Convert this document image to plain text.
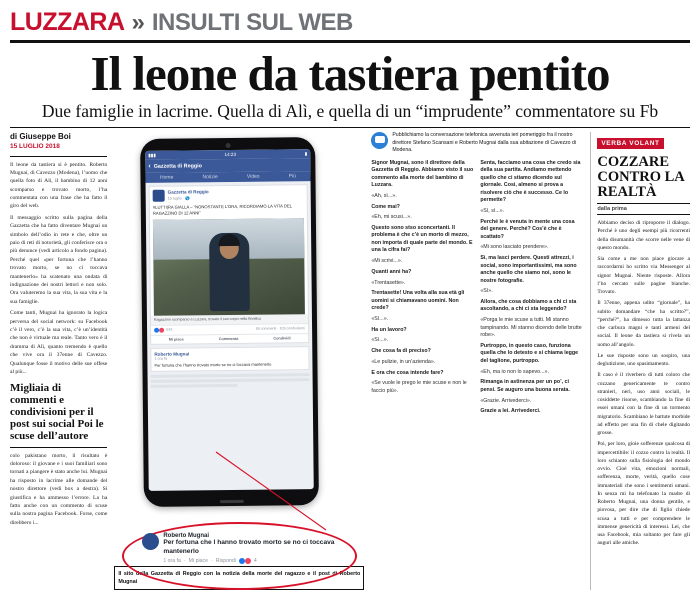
LUZZARA » INSULTI SUL WEB
Il leone da tastiera pentito
Due famiglie in lacrime. Quella di Alì, e quella di un “imprudente” commentatore su Fb
di Giuseppe Boi
15 LUGLIO 2018

Il leone da tastiera si è pentito. Roberto Mugnai, di Cavezzo (Modena), l’uomo che quella foto di Alì, il bambino di 12 anni scomparso e trovato morto, l’ha commentata con una frase che ha fatto il giro del web.

Il messaggio scritto sulla pagina della Gazzetta che ha fatto diventare Mugnai un simbolo dell’odio in rete e che, oltre un paio di reti di notorietà, gli conferisce ora o più denunce (vedi articolo a fondo pagina). Perché quel «per fortuna che l’hanno trovato morto, se no ci toccava mantenerlo» ha scatenato una ondata di indignazione dei nostri lettori e non solo. Ora valuteremo la sua vita, la sua vita e la sua famiglie.

Come tanti, Mugnai ha ignorato la logica perversa del social network: su Facebook c’è il vero, c’è la sua vita, c’è un’identità che non è virtuale ma reale. Tanto vero è il dramma di Alì, quanto tremendo è quello che vive ora il 37enne di Cavezzo. Qualunque fosse il motivo delle sue offese al più...

Migliaia di commenti e condivisioni per il post sui social Poi le scuse dell’autore

colo pakistano morto, il risultato è doloroso: il giovane e i suoi familiari sono tornati a piangere è stato anche lui. Mugnai ha risposto in lacrime alle domande del nostro direttore (vedi box a destra). Si giustifica e ha ammesso l’errore. La ha fatto anche con un commento di scuse sulla nostra pagina Facebook. Forse, come direbbero i...

▮▮▮	14:23	▮
‹ Gazzetta di Reggio
Home	Notizie	Video	Più
Gazzetta di Reggio
15 luglio · 🌎
#LUTTI|RA GIALLA – “NONOSTANTE L’ORA, RICORDIAMO LA VITA DEL RAGAZZINO DI 12 ANNI”
Ragazzino scomparso a Luzzara, trovato il suo corpo nella Bonifica
543	89 commenti · 103 condivisioni
Mi piace	Commenta	Condividi
Roberto Mugnai
1 ora fa
Per fortuna che l’hanno trovato morto se no ci toccava mantenerlo
Roberto Mugnai
Per fortuna che l hanno trovato morto se no ci toccava mantenerlo
1 ora fa · Mi piace · Rispondi	4
Il sito della Gazzetta di Reggio con la notizia della morte del ragazzo e il post di Roberto Mugnai
Pubblichiamo la conversazione telefonica avvenuta ieri pomeriggio fra il nostro direttore Stefano Scansani e Roberto Mugnai dalla sua abitazione di Cavezzo di Modena.

Signor Mugnai, sono il direttore della Gazzetta di Reggio. Abbiamo visto il suo commento alla morte del bambino di Luzzara.

«Ah, sì...».

Come mai?

«Eh, mi scusi...».

Questo sono stso sconcertanti. Il problema è che c’è un morto di mezzo, non importa di quale parte del mondo. E una la cifra fai?

«Mi scrivi...».

Quanti anni ha?

«Trentasette».

Trentasette! Una volta alla sua età gli uomini si chiamavano uomini. Non crede?

«Sì...».

Ha un lavoro?

«Sì...».

Che cosa fa di preciso?

«Le pulizie, in un’azienda».

E ora che cosa intende fare?

«Se vuole le prego le mie scuse e non le faccio più».

Senta, facciamo una cosa che credo sia della sua partita. Andiamo mettendo quello che ci stiamo dicendo sul giornale. Così, almeno si prova a risolvere ciò che è successo. Ce lo permette?

«Sì, sì...».

Perché le è venuta in mente una cosa del genere. Perché? Cos’è che è scattato?

«Mi sono lasciato prendere».

Sì, ma lasci perdere. Questi attrezzi, i social, sono importantissimi, ma sono anche quello che siamo noi, sono le nostre fotografie.

«Sì».

Allora, che cosa dobbiamo a chi ci sta ascoltando, a chi ci sta leggendo?

«Porga le mie scuse a tutti. Mi stanno tampinando. Mi stanno dicendo delle brutte robe».

Purtroppo, in questo caso, funziona quella che lo detesto e si chiama legge del taglione, purtroppo.

«Eh, ma io non lo sapevo...».

Rimanga in astinenza per un po’, ci pensi. Se auguro una buona serata.

«Grazie. Arrivederci».

Grazie a lei. Arrivederci.

VERBA VOLANT
COZZARE CONTRO LA REALTÀ
dalla prima

Abbiamo deciso di riproporre il dialogo. Perché è uno degli esempi più ricorrenti della disumanità che scorre nelle vene di questo mondo.

Sia come a me non piace giocare a raccordarmi ho scritto via Messenger al signor Mugnai. Niente risposte. Allora l’ho cercato sulle pagine bianche. Trovato.

Il 37enne, appena udito “giornale”, ha subito domandare “che ha scritto?”, “perché?”, ha dimesso tutta la lattanza che carbura magni e tanti armeni del social. Il leone da tastiera si rivela un uomo all’angolo.

Le sue risposte sono un sospiro, una deglutizione, uno spasimamento.

Il caso è il riverbero di tutti coloro che cozzano genericamente te contro stranieri, neri, uso anni sociali, le cosiddette risorse, scambiando la fine di essei umani con la fine di un tormento migratorio. Scambiano le battute morbide ad effetto per una fin di chele digitando grosse.

Poi, per loro, gioie sofferenze qualcosa di impercettibile: il cozzo contro la realtà. Il loro schianto sulla fisiologia del mondo ovvio. Cioè vita, emozioni normali, sofferenza, morte, verità, quello cose immateriali che sono i sentimenti umani. In senza mi ha telefonato la madre di Roberto Mugnai, una donna gentile, e piovosa, per dire che di figlio chiede scusa a tutti e per comprendere le immense genericità di interessi. Lei, che usa Facebook, mia soltanto per fare gli auguri alle amiche.
